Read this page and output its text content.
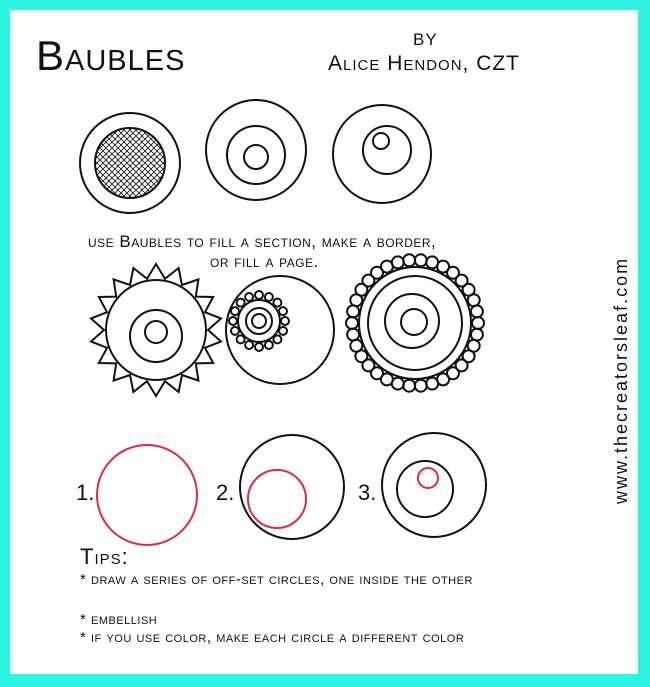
Baubles	BY
Alice Hendon, CZT
use Baubles to fill a section, make a border,
or fill a page.	www.thecreatorsleaf.com
1.	2.	3.
Tips:
* draw a series of off-set circles, one inside the other
* embellish
* if you use color, make each circle a different color
